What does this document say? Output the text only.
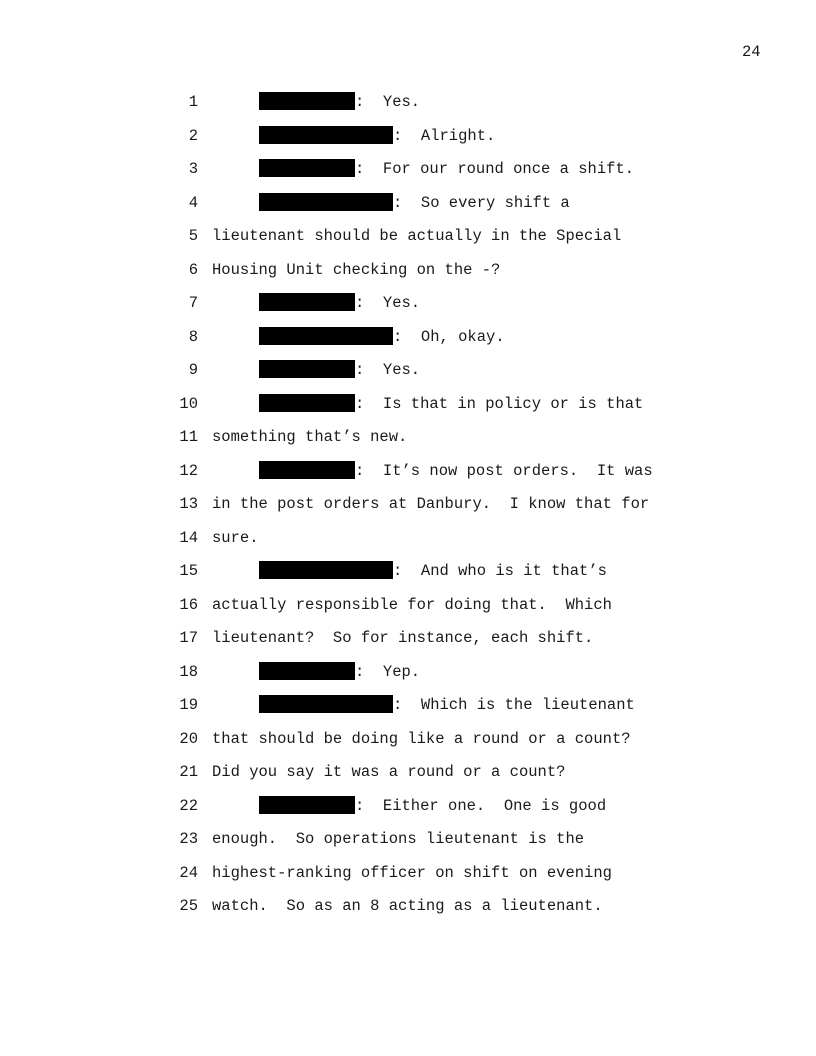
24
1	:  Yes.
2	:  Alright.
3	:  For our round once a shift.
4	:  So every shift a
5 lieutenant should be actually in the Special
6 Housing Unit checking on the -?
7	:  Yes.
8	:  Oh, okay.
9	:  Yes.
10	:  Is that in policy or is that
11 something that’s new.
12	:  It’s now post orders.  It was
13 in the post orders at Danbury.  I know that for
14 sure.
15	:  And who is it that’s
16 actually responsible for doing that.  Which
17 lieutenant?  So for instance, each shift.
18	:  Yep.
19	:  Which is the lieutenant
20 that should be doing like a round or a count?
21 Did you say it was a round or a count?
22	:  Either one.  One is good
23 enough.  So operations lieutenant is the
24 highest-ranking officer on shift on evening
25 watch.  So as an 8 acting as a lieutenant.
